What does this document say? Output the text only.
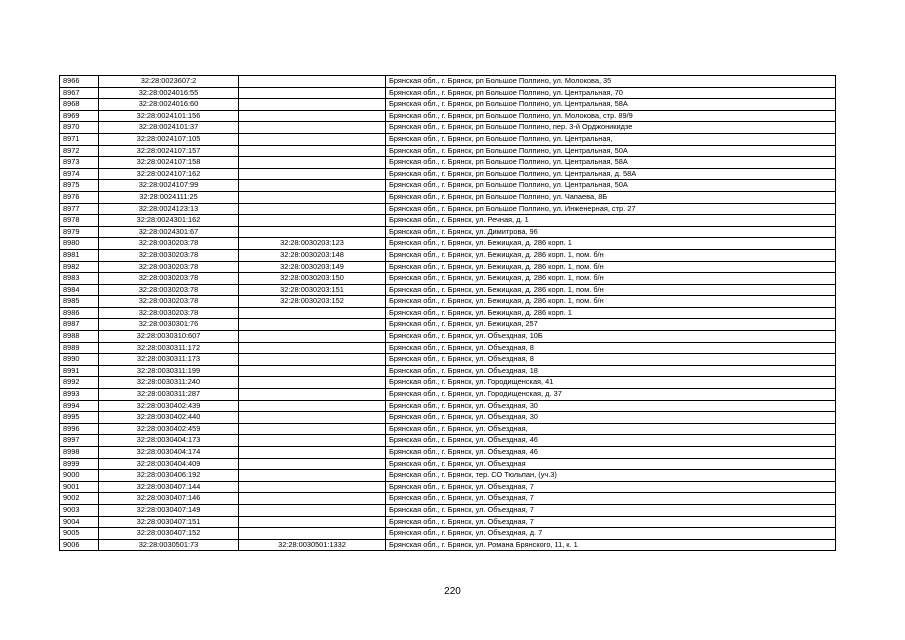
8966	32:28:0023607:2		Брянская обл., г. Брянск, рп Большое Полпино, ул. Молокова, 35
8967	32:28:0024016:55		Брянская обл., г. Брянск, рп Большое Полпино, ул. Центральная, 70
8968	32:28:0024016:60		Брянская обл., г. Брянск, рп Большое Полпино, ул. Центральная, 58А
8969	32:28:0024101:156		Брянская обл., г. Брянск, рп Большое Полпино, ул. Молокова, стр. 89/9
8970	32:28:0024101:37		Брянская обл., г. Брянск, рп Большое Полпино, пер. 3-й Орджоникидзе
8971	32:28:0024107:105		Брянская обл., г. Брянск, рп Большое Полпино, ул. Центральная,
8972	32:28:0024107:157		Брянская обл., г. Брянск, рп Большое Полпино, ул. Центральная, 50А
8973	32:28:0024107:158		Брянская обл., г. Брянск, рп Большое Полпино, ул. Центральная, 58А
8974	32:28:0024107:162		Брянская обл., г. Брянск, рп Большое Полпино, ул. Центральная, д. 58А
8975	32:28:0024107:99		Брянская обл., г. Брянск, рп Большое Полпино, ул. Центральная, 50А
8976	32:28:0024111:25		Брянская обл., г. Брянск, рп Большое Полпино, ул. Чапаева, 8Б
8977	32:28:0024123:13		Брянская обл., г. Брянск, рп Большое Полпино, ул. Инженерная, стр. 27
8978	32:28:0024301:162		Брянская обл., г. Брянск, ул. Речная, д. 1
8979	32:28:0024301:67		Брянская обл., г. Брянск, ул. Димитрова, 96
8980	32:28:0030203:78	32:28:0030203:123	Брянская обл., г. Брянск, ул. Бежицкая, д. 286 корп. 1
8981	32:28:0030203:78	32:28:0030203:148	Брянская обл., г. Брянск, ул. Бежицкая, д. 286 корп. 1, пом. б/н
8982	32:28:0030203:78	32:28:0030203:149	Брянская обл., г. Брянск, ул. Бежицкая, д. 286 корп. 1, пом. б/н
8983	32:28:0030203:78	32:28:0030203:150	Брянская обл., г. Брянск, ул. Бежицкая, д. 286 корп. 1, пом. б/н
8984	32:28:0030203:78	32:28:0030203:151	Брянская обл., г. Брянск, ул. Бежицкая, д. 286 корп. 1, пом. б/н
8985	32:28:0030203:78	32:28:0030203:152	Брянская обл., г. Брянск, ул. Бежицкая, д. 286 корп. 1, пом. б/н
8986	32:28:0030203:78		Брянская обл., г. Брянск, ул. Бежицкая, д. 286 корп. 1
8987	32:28:0030301:76		Брянская обл., г. Брянск, ул. Бежицкая, 257
8988	32:28:0030310:607		Брянская обл., г. Брянск, ул. Объездная, 10Б
8989	32:28:0030311:172		Брянская обл., г. Брянск, ул. Объездная, 8
8990	32:28:0030311:173		Брянская обл., г. Брянск, ул. Объездная, 8
8991	32:28:0030311:199		Брянская обл., г. Брянск, ул. Объездная, 18
8992	32:28:0030311:240		Брянская обл., г. Брянск, ул. Городищенская, 41
8993	32:28:0030311:287		Брянская обл., г. Брянск, ул. Городищенская, д. 37
8994	32:28:0030402:439		Брянская обл., г. Брянск, ул. Объездная, 30
8995	32:28:0030402:440		Брянская обл., г. Брянск, ул. Объездная, 30
8996	32:28:0030402:459		Брянская обл., г. Брянск, ул. Объездная,
8997	32:28:0030404:173		Брянская обл., г. Брянск, ул. Объездная, 46
8998	32:28:0030404:174		Брянская обл., г. Брянск, ул. Объездная, 46
8999	32:28:0030404:409		Брянская обл., г. Брянск, ул. Объездная
9000	32:28:0030406:192		Брянская обл., г. Брянск, тер. СО Тюльпан, (уч.3)
9001	32:28:0030407:144		Брянская обл., г. Брянск, ул. Объездная, 7
9002	32:28:0030407:146		Брянская обл., г. Брянск, ул. Объездная, 7
9003	32:28:0030407:149		Брянская обл., г. Брянск, ул. Объездная, 7
9004	32:28:0030407:151		Брянская обл., г. Брянск, ул. Объездная, 7
9005	32:28:0030407:152		Брянская обл., г. Брянск, ул. Объездная, д. 7
9006	32:28:0030501:73	32:28:0030501:1332	Брянская обл., г. Брянск, ул. Романа Брянского, 11, к. 1
220
